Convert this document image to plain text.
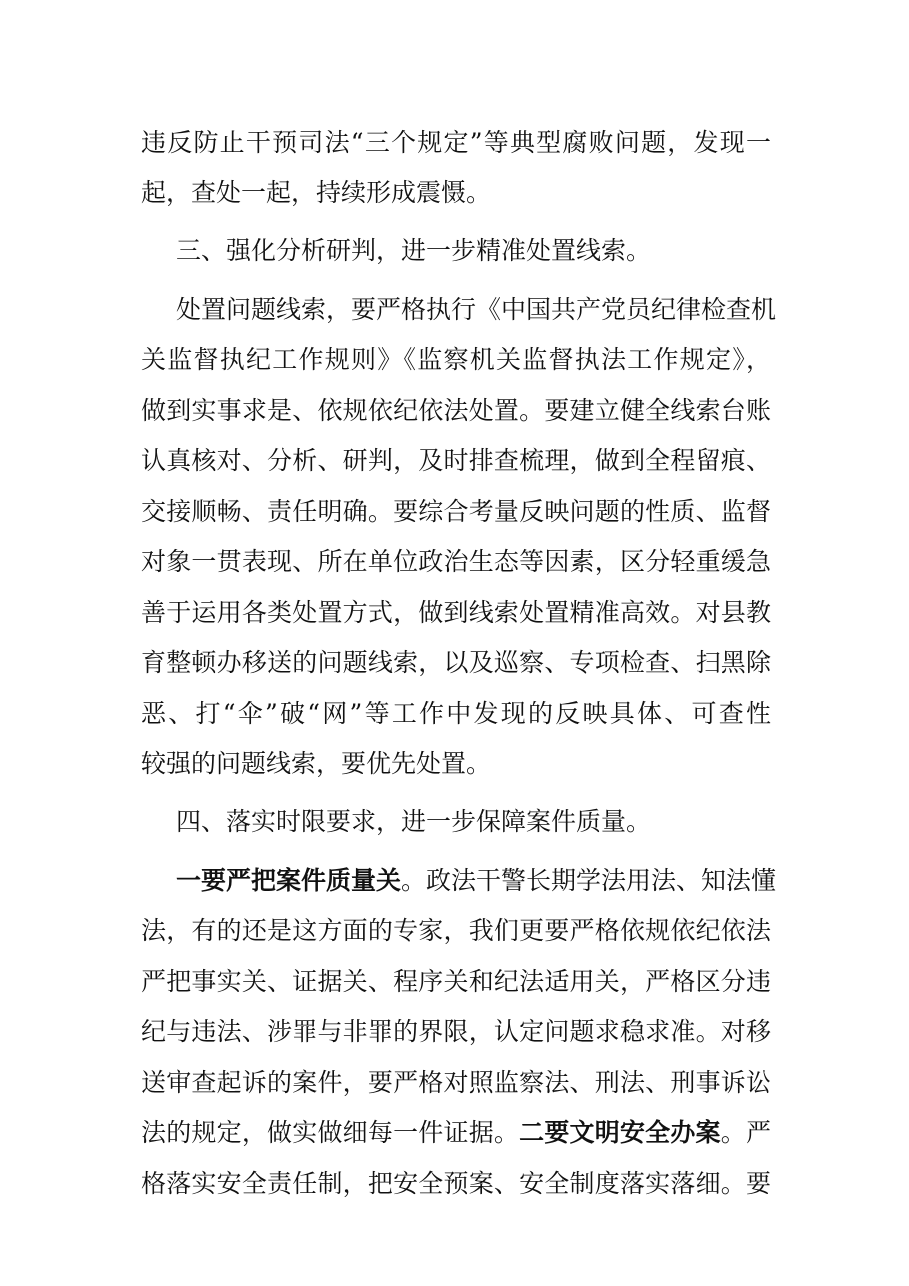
违反防止干预司法“三个规定”等典型腐败问题，发现一
起，查处一起，持续形成震慑。
三、强化分析研判，进一步精准处置线索。
处置问题线索，要严格执行《中国共产党员纪律检查机
关监督执纪工作规则》《监察机关监督执法工作规定》，
做到实事求是、依规依纪依法处置。要建立健全线索台账
认真核对、分析、研判，及时排查梳理，做到全程留痕、
交接顺畅、责任明确。要综合考量反映问题的性质、监督
对象一贯表现、所在单位政治生态等因素，区分轻重缓急
善于运用各类处置方式，做到线索处置精准高效。对县教
育整顿办移送的问题线索，以及巡察、专项检查、扫黑除
恶、打“伞”破“网”等工作中发现的反映具体、可查性
较强的问题线索，要优先处置。
四、落实时限要求，进一步保障案件质量。
一要严把案件质量关。政法干警长期学法用法、知法懂
法，有的还是这方面的专家，我们更要严格依规依纪依法
严把事实关、证据关、程序关和纪法适用关，严格区分违
纪与违法、涉罪与非罪的界限，认定问题求稳求准。对移
送审查起诉的案件，要严格对照监察法、刑法、刑事诉讼
法的规定，做实做细每一件证据。二要文明安全办案。严
格落实安全责任制，把安全预案、安全制度落实落细。要
